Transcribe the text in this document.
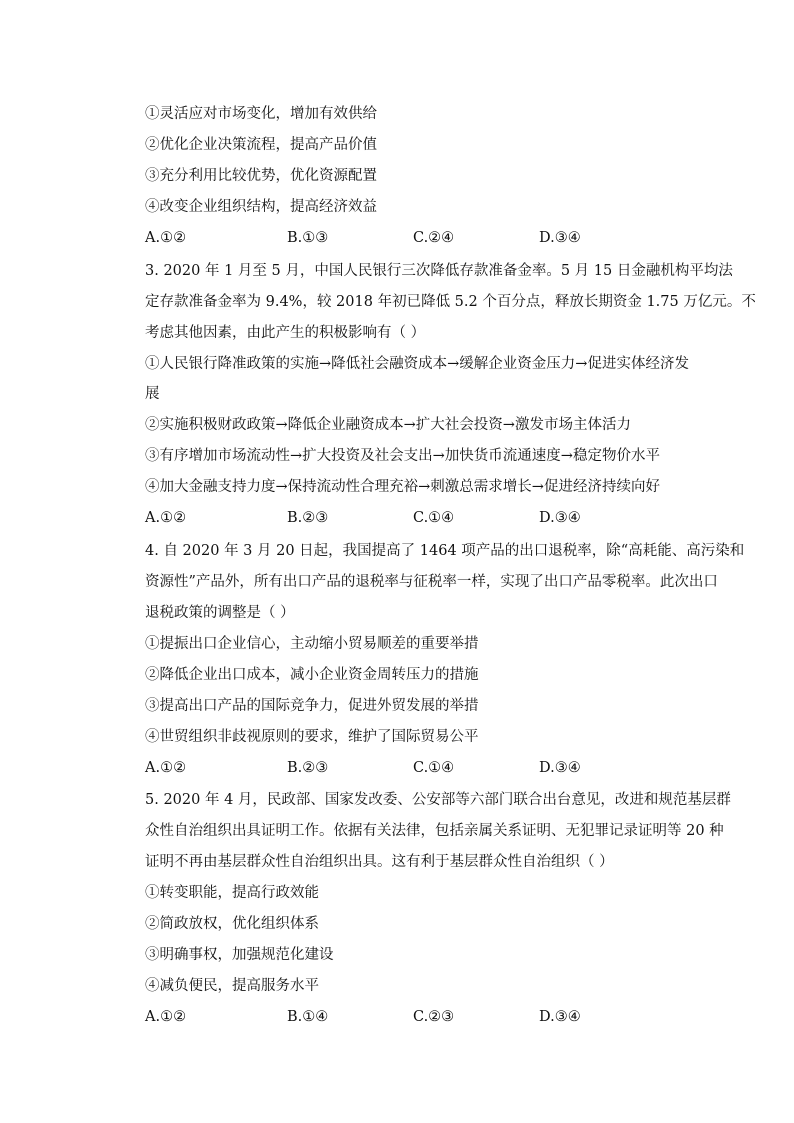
①灵活应对市场变化，增加有效供给
②优化企业决策流程，提高产品价值
③充分利用比较优势，优化资源配置
④改变企业组织结构，提高经济效益
A.①②	B.①③	C.②④	D.③④
3. 2020 年 1 月至 5 月，中国人民银行三次降低存款准备金率。5 月 15 日金融机构平均法
定存款准备金率为 9.4%，较 2018 年初已降低 5.2 个百分点，释放长期资金 1.75 万亿元。不
考虑其他因素，由此产生的积极影响有（ ）
①人民银行降准政策的实施→降低社会融资成本→缓解企业资金压力→促进实体经济发
展
②实施积极财政政策→降低企业融资成本→扩大社会投资→激发市场主体活力
③有序增加市场流动性→扩大投资及社会支出→加快货币流通速度→稳定物价水平
④加大金融支持力度→保持流动性合理充裕→刺激总需求增长→促进经济持续向好
A.①②	B.②③	C.①④	D.③④
4. 自 2020 年 3 月 20 日起，我国提高了 1464 项产品的出口退税率，除“高耗能、高污染和
资源性”产品外，所有出口产品的退税率与征税率一样，实现了出口产品零税率。此次出口
退税政策的调整是（ ）
①提振出口企业信心，主动缩小贸易顺差的重要举措
②降低企业出口成本，减小企业资金周转压力的措施
③提高出口产品的国际竞争力，促进外贸发展的举措
④世贸组织非歧视原则的要求，维护了国际贸易公平
A.①②	B.②③	C.①④	D.③④
5. 2020 年 4 月，民政部、国家发改委、公安部等六部门联合出台意见，改进和规范基层群
众性自治组织出具证明工作。依据有关法律，包括亲属关系证明、无犯罪记录证明等 20 种
证明不再由基层群众性自治组织出具。这有利于基层群众性自治组织（ ）
①转变职能，提高行政效能
②简政放权，优化组织体系
③明确事权，加强规范化建设
④减负便民，提高服务水平
A.①②	B.①④	C.②③	D.③④
